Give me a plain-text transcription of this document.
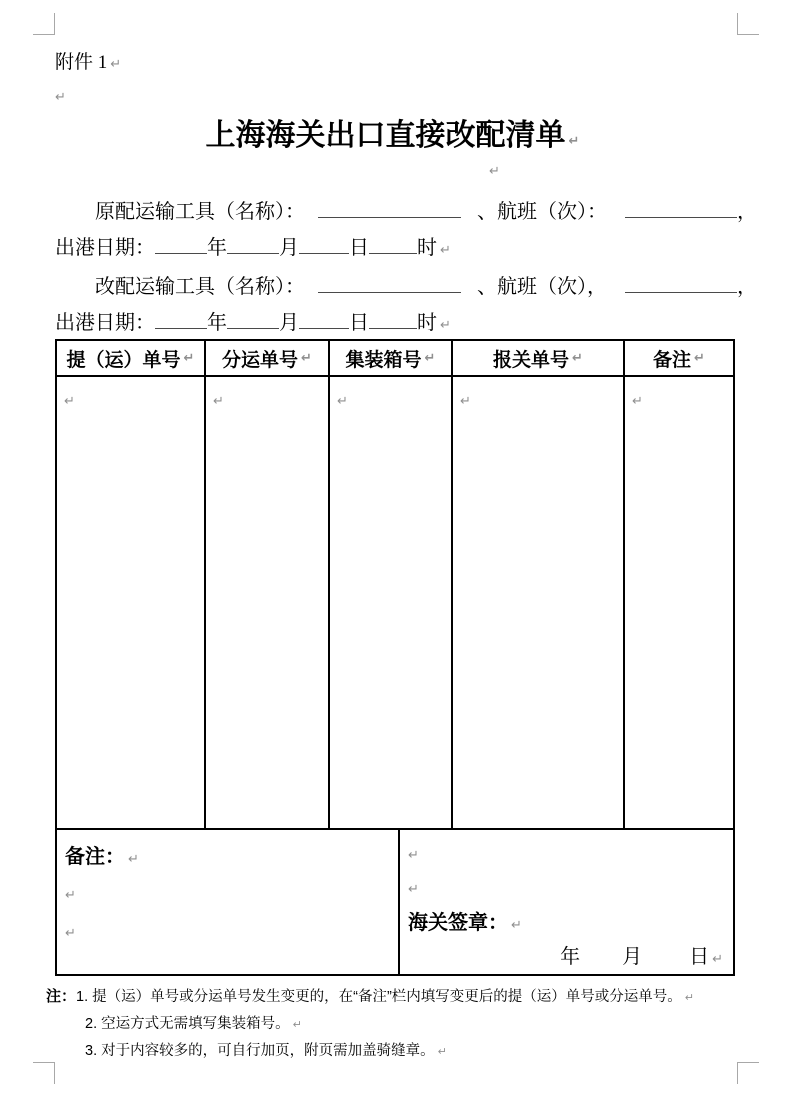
附件 1 ↵
↵
上海海关出口直接改配清单 ↵
↵
原配运输工具（名称）：	、航班（次）：	，
出港日期：	年	月	日 时 ↵
改配运输工具（名称）：	、航班（次），	，
出港日期：	年	月	日 时 ↵
提（运）单号 ↵ 分运单号 ↵ 集装箱号 ↵	报关单号 ↵	备注 ↵
↵	↵	↵	↵	↵
备注： ↵
↵
↵
↵
↵
海关签章： ↵
年 月 日 ↵
注：1. 提（运）单号或分运单号发生变更的，在“备注”栏内填写变更后的提（运）单号或分运单号。 ↵
2. 空运方式无需填写集装箱号。 ↵
3. 对于内容较多的，可自行加页，附页需加盖骑缝章。 ↵
